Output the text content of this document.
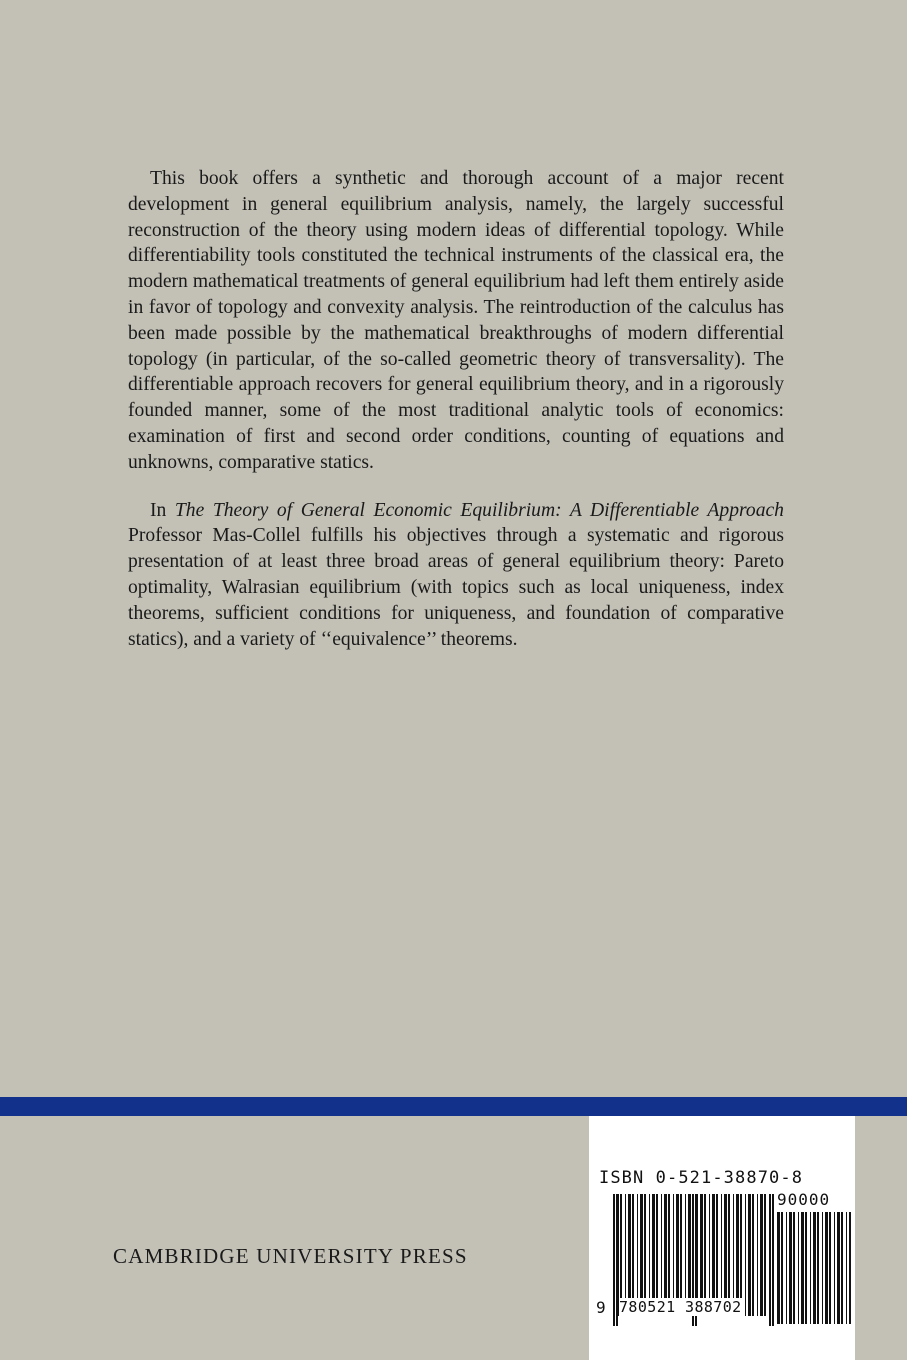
This book offers a synthetic and thorough account of a major recent development in general equilibrium analysis, namely, the largely successful reconstruction of the theory using modern ideas of differential topology. While differentiability tools constituted the technical instruments of the classical era, the modern mathematical treatments of general equilibrium had left them entirely aside in favor of topology and convexity analysis. The reintroduction of the calculus has been made possible by the mathematical breakthroughs of modern differential topology (in particular, of the so-called geometric theory of transversality). The differentiable approach recovers for general equilibrium theory, and in a rigorously founded manner, some of the most traditional analytic tools of economics: examination of first and second order conditions, counting of equations and unknowns, comparative statics.

In The Theory of General Economic Equilibrium: A Differentiable Approach Professor Mas-Collel fulfills his objectives through a systematic and rigorous presentation of at least three broad areas of general equilibrium theory: Pareto optimality, Walrasian equilibrium (with topics such as local uniqueness, index theorems, sufficient conditions for uniqueness, and foundation of comparative statics), and a variety of ‘‘equivalence’’ theorems.

CAMBRIDGE UNIVERSITY PRESS
ISBN 0-521-38870-8
90000
9 780521 388702
